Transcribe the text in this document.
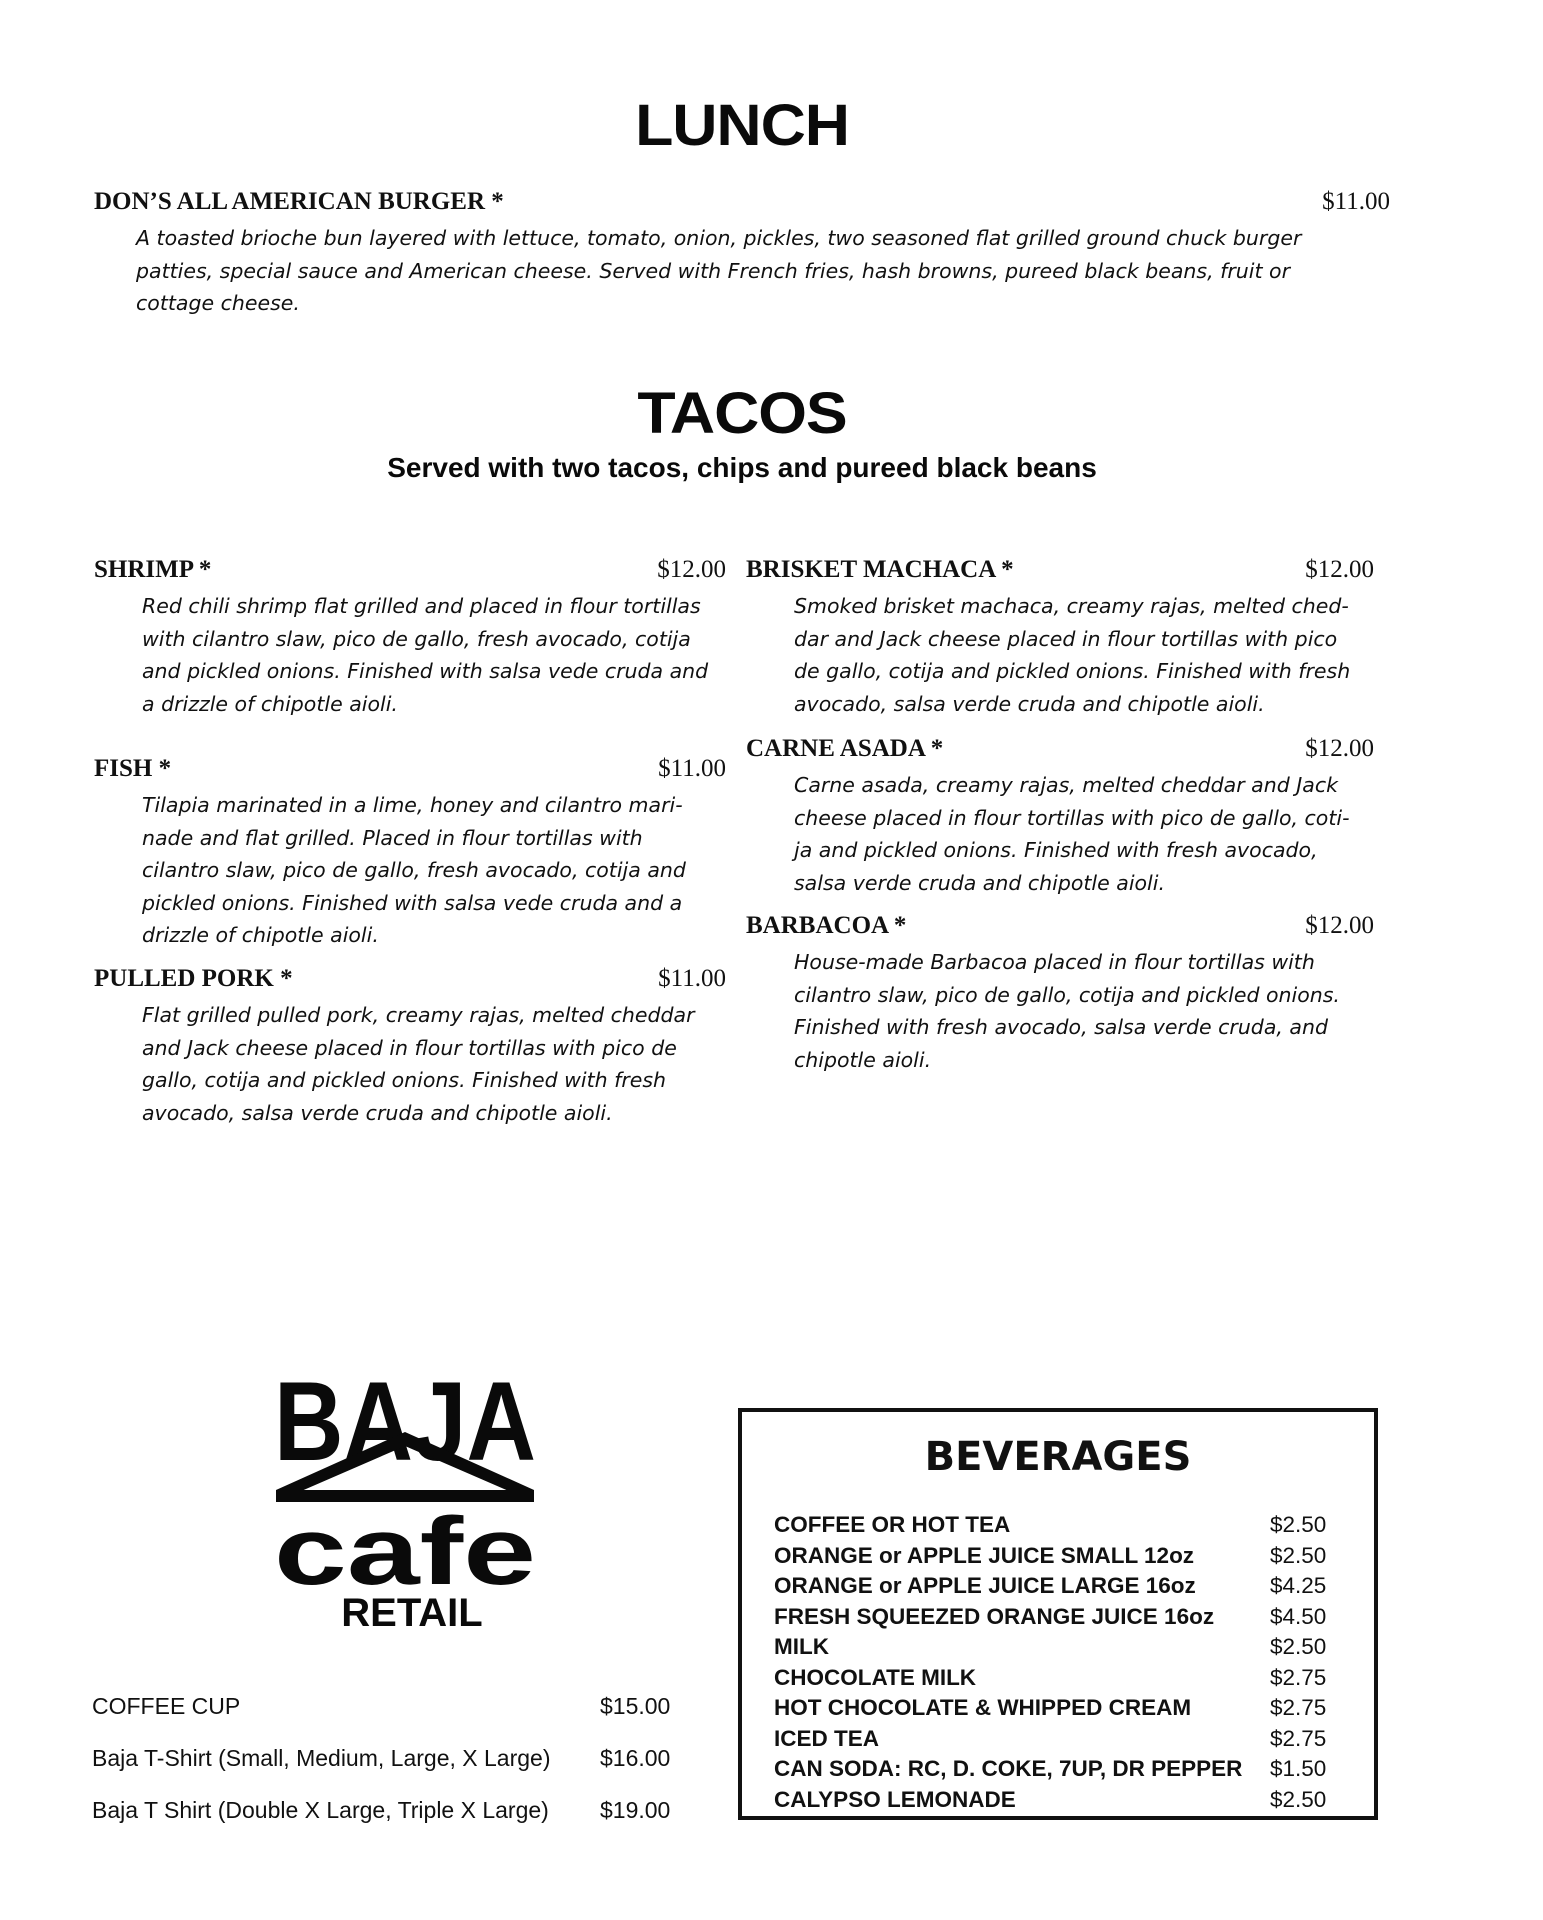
LUNCH
DON’S ALL AMERICAN BURGER *	$11.00
A toasted brioche bun layered with lettuce, tomato, onion, pickles, two seasoned flat grilled ground chuck burger
patties, special sauce and American cheese. Served with French fries, hash browns, pureed black beans, fruit or
cottage cheese.
TACOS
Served with two tacos, chips and pureed black beans
SHRIMP *	$12.00
Red chili shrimp flat grilled and placed in flour tortillas
with cilantro slaw, pico de gallo, fresh avocado, cotija
and pickled onions. Finished with salsa vede cruda and
a drizzle of chipotle aioli.
FISH *	$11.00
Tilapia marinated in a lime, honey and cilantro mari-
nade and flat grilled. Placed in flour tortillas with
cilantro slaw, pico de gallo, fresh avocado, cotija and
pickled onions. Finished with salsa vede cruda and a
drizzle of chipotle aioli.
PULLED PORK *	$11.00
Flat grilled pulled pork, creamy rajas, melted cheddar
and Jack cheese placed in flour tortillas with pico de
gallo, cotija and pickled onions. Finished with fresh
avocado, salsa verde cruda and chipotle aioli.
BRISKET MACHACA *	$12.00
Smoked brisket machaca, creamy rajas, melted ched-
dar and Jack cheese placed in flour tortillas with pico
de gallo, cotija and pickled onions. Finished with fresh
avocado, salsa verde cruda and chipotle aioli.
CARNE ASADA *	$12.00
Carne asada, creamy rajas, melted cheddar and Jack
cheese placed in flour tortillas with pico de gallo, coti-
ja and pickled onions. Finished with fresh avocado,
salsa verde cruda and chipotle aioli.
BARBACOA *	$12.00
House-made Barbacoa placed in flour tortillas with
cilantro slaw, pico de gallo, cotija and pickled onions.
Finished with fresh avocado, salsa verde cruda, and
chipotle aioli.
BAJA
cafe
RETAIL
COFFEE CUP	$15.00
Baja T-Shirt (Small, Medium, Large, X Large) $16.00
Baja T Shirt (Double X Large, Triple X Large) $19.00
BEVERAGES
COFFEE OR HOT TEA	$2.50
ORANGE or APPLE JUICE SMALL 12oz	$2.50
ORANGE or APPLE JUICE LARGE 16oz	$4.25
FRESH SQUEEZED ORANGE JUICE 16oz $4.50
MILK	$2.50
CHOCOLATE MILK	$2.75
HOT CHOCOLATE & WHIPPED CREAM	$2.75
ICED TEA	$2.75
CAN SODA: RC, D. COKE, 7UP, DR PEPPER $1.50
CALYPSO LEMONADE	$2.50
